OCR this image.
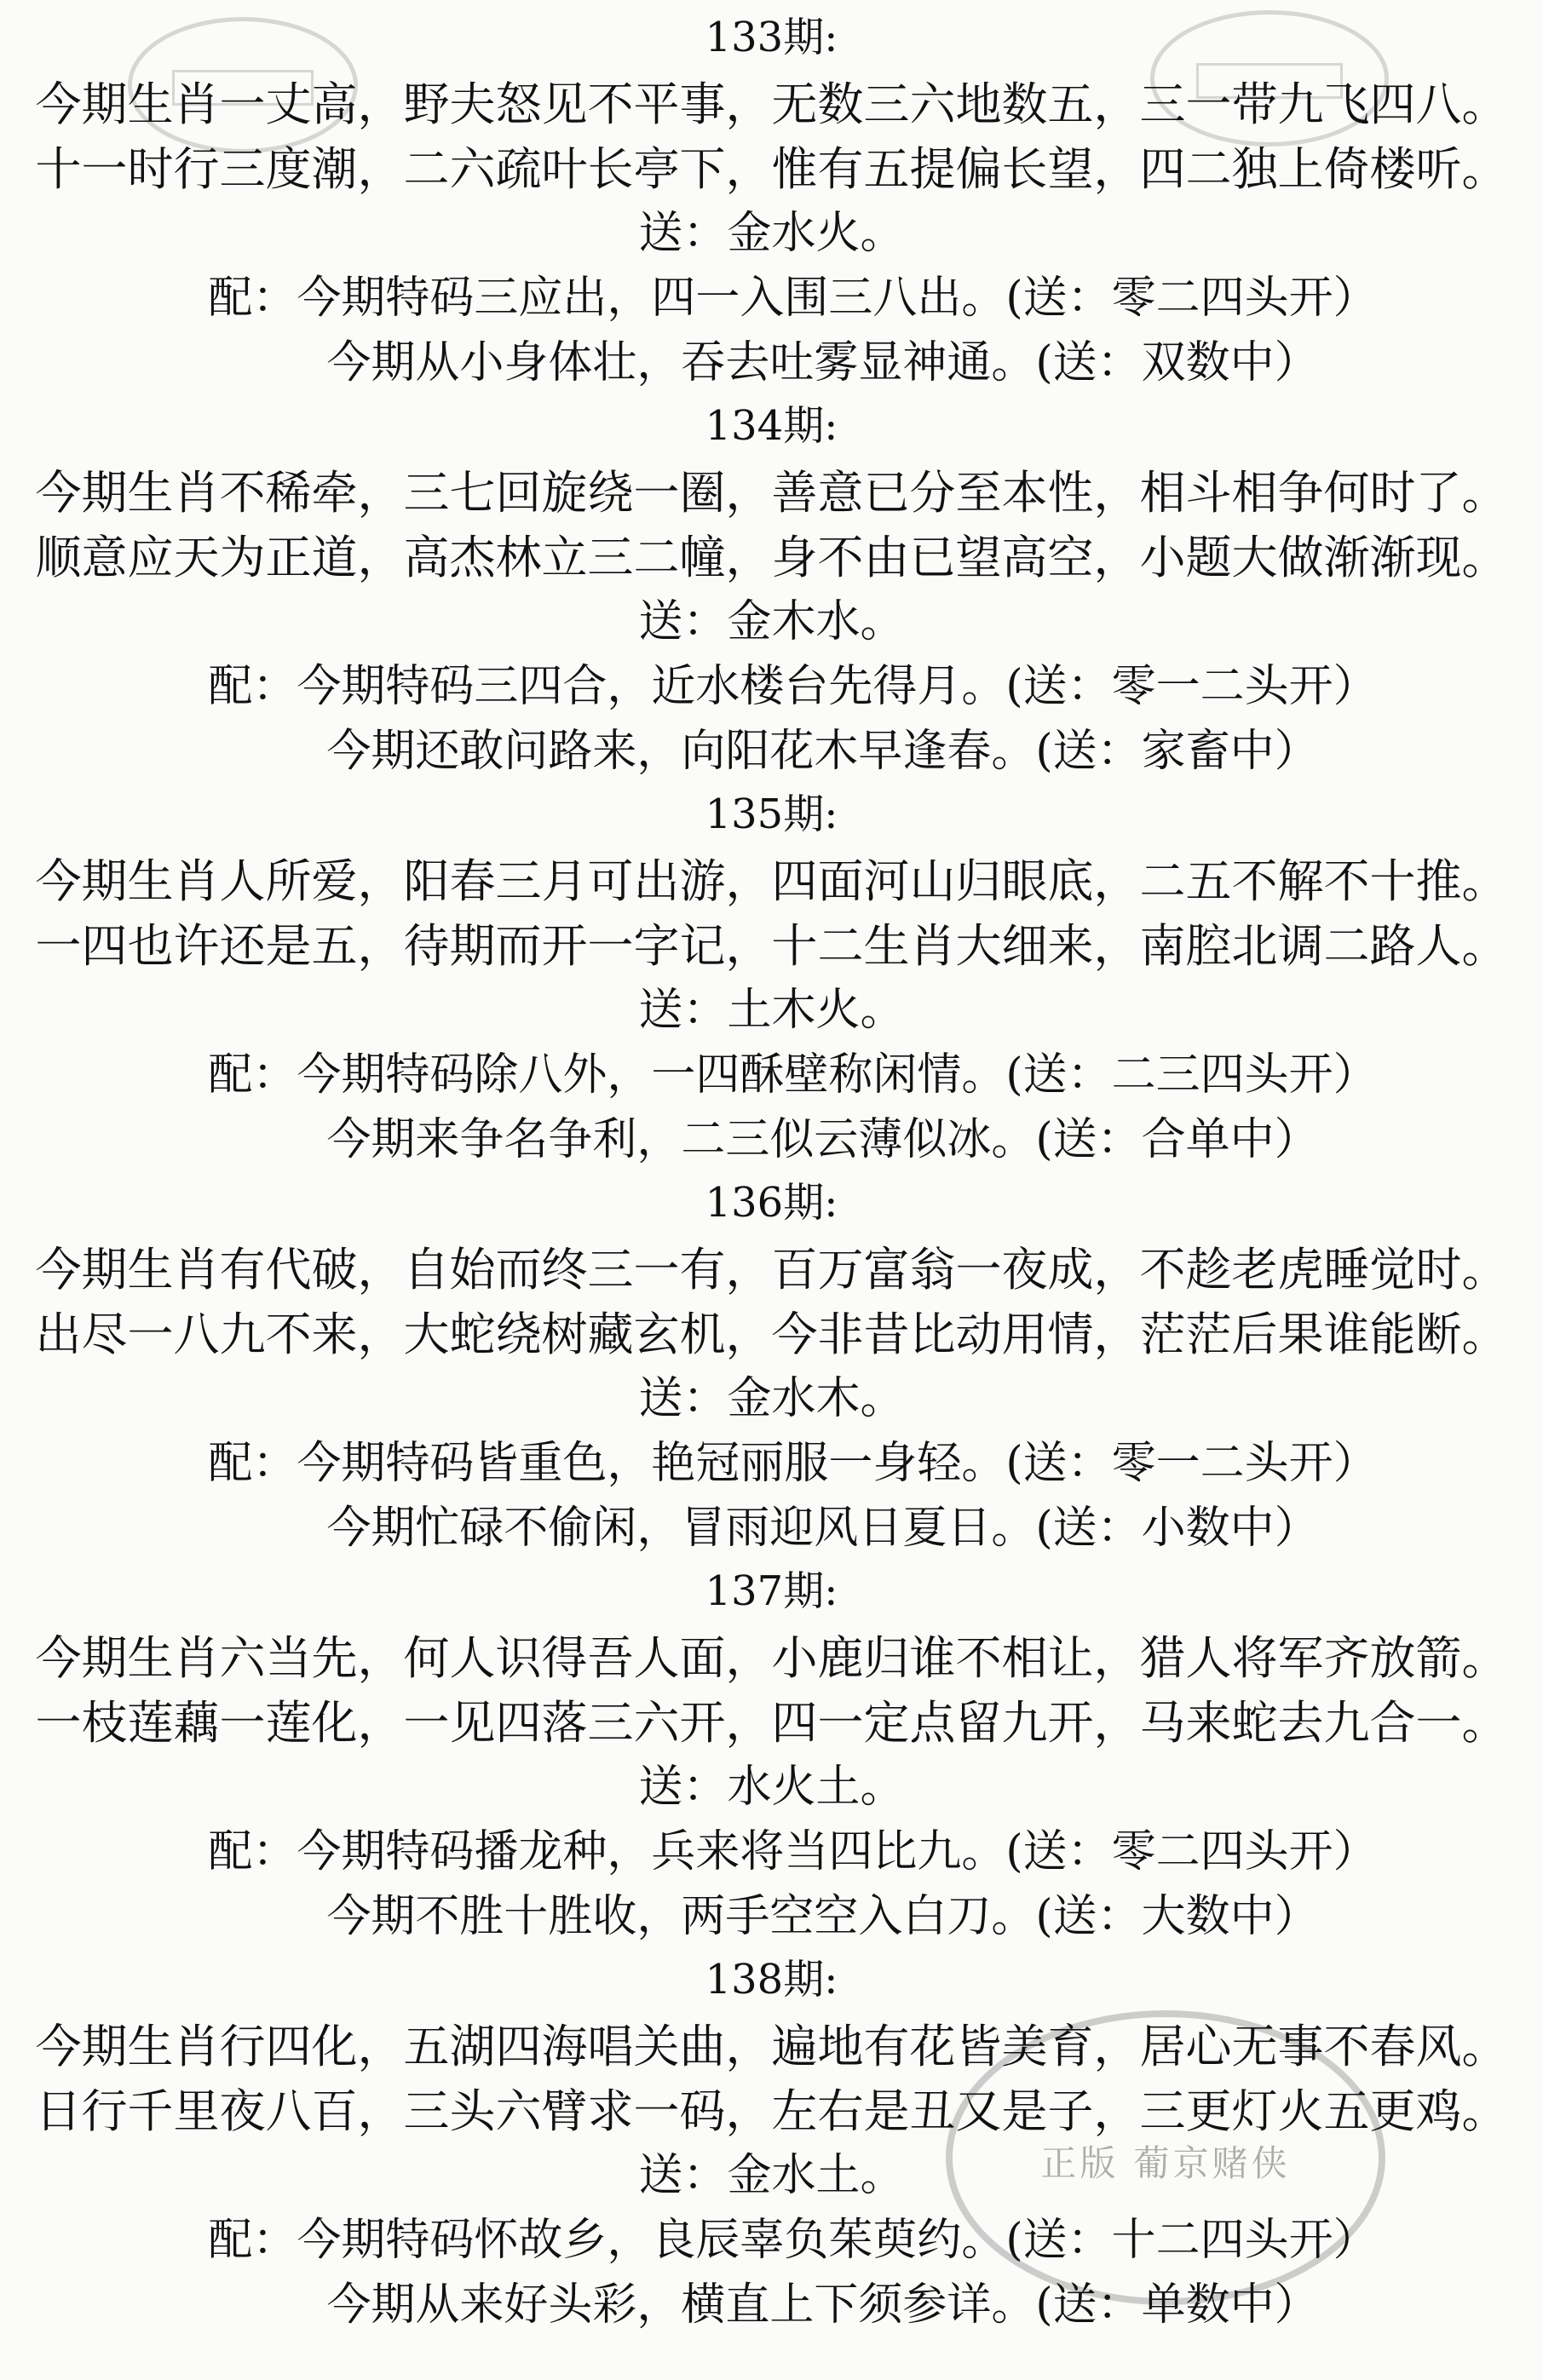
正版 葡京赌侠
133期:
今期生肖一丈高，野夫怒见不平事，无数三六地数五，三一带九飞四八。
十一时行三度潮，二六疏叶长亭下，惟有五提偏长望，四二独上倚楼听。
送：金水火。
配：今期特码三应出，四一入围三八出。(送：零二四头开）
今期从小身体壮，吞去吐雾显神通。(送：双数中）
134期:
今期生肖不稀牵，三七回旋绕一圈，善意已分至本性，相斗相争何时了。
顺意应天为正道，高杰林立三二幢，身不由已望高空，小题大做渐渐现。
送：金木水。
配：今期特码三四合，近水楼台先得月。(送：零一二头开）
今期还敢问路来，向阳花木早逢春。(送：家畜中）
135期:
今期生肖人所爱，阳春三月可出游，四面河山归眼底，二五不解不十推。
一四也许还是五，待期而开一字记，十二生肖大细来，南腔北调二路人。
送：土木火。
配：今期特码除八外，一四酥壁称闲情。(送：二三四头开）
今期来争名争利，二三似云薄似冰。(送：合单中）
136期:
今期生肖有代破，自始而终三一有，百万富翁一夜成，不趁老虎睡觉时。
出尽一八九不来，大蛇绕树藏玄机，今非昔比动用情，茫茫后果谁能断。
送：金水木。
配：今期特码皆重色，艳冠丽服一身轻。(送：零一二头开）
今期忙碌不偷闲，冒雨迎风日夏日。(送：小数中）
137期:
今期生肖六当先，何人识得吾人面，小鹿归谁不相让，猎人将军齐放箭。
一枝莲藕一莲化，一见四落三六开，四一定点留九开，马来蛇去九合一。
送：水火土。
配：今期特码播龙种，兵来将当四比九。(送：零二四头开）
今期不胜十胜收，两手空空入白刀。(送：大数中）
138期:
今期生肖行四化，五湖四海唱关曲，遍地有花皆美育，居心无事不春风。
日行千里夜八百，三头六臂求一码，左右是丑又是子，三更灯火五更鸡。
送：金水土。
配：今期特码怀故乡，良辰辜负茱萸约。(送：十二四头开）
今期从来好头彩，横直上下须参详。(送：单数中）
